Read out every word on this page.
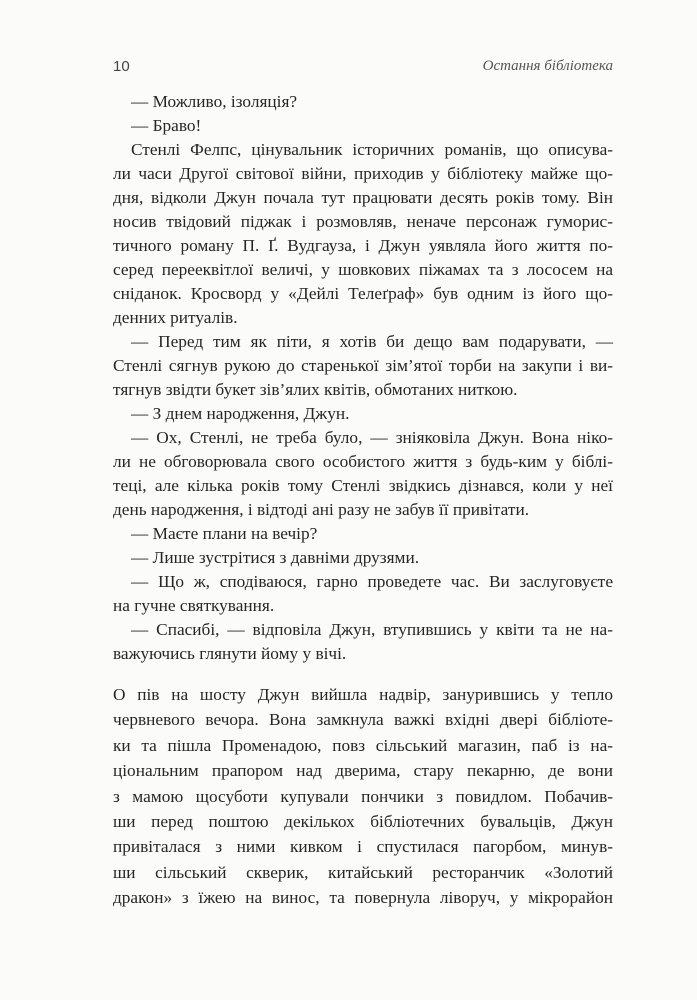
10	Остання бібліотека
— Можливо, ізоляція?
— Браво!
Стенлі Фелпс, цінувальник історичних романів, що описува-
ли часи Другої світової війни, приходив у бібліотеку майже що-
дня, відколи Джун почала тут працювати десять років тому. Він
носив твідовий піджак і розмовляв, неначе персонаж гуморис-
тичного роману П. Ґ. Вудгауза, і Джун уявляла його життя по-
серед перееквітлої величі, у шовкових піжамах та з лососем на
сніданок. Кросворд у «Дейлі Телеґраф» був одним із його що-
денних ритуалів.
— Перед тим як піти, я хотів би дещо вам подарувати, —
Стенлі сягнув рукою до старенької зім’ятої торби на закупи і ви-
тягнув звідти букет зів’ялих квітів, обмотаних ниткою.
— З днем народження, Джун.
— Ох, Стенлі, не треба було, — зніяковіла Джун. Вона ніко-
ли не обговорювала свого особистого життя з будь-ким у біблі-
теці, але кілька років тому Стенлі звідкись дізнався, коли у неї
день народження, і відтоді ані разу не забув її привітати.
— Маєте плани на вечір?
— Лише зустрітися з давніми друзями.
— Що ж, сподіваюся, гарно проведете час. Ви заслуговуєте
на гучне святкування.
— Спасибі, — відповіла Джун, втупившись у квіти та не на-
важуючись глянути йому у вічі.
О пів на шосту Джун вийшла надвір, занурившись у тепло
червневого вечора. Вона замкнула важкі вхідні двері бібліоте-
ки та пішла Променадою, повз сільський магазин, паб із на-
ціональним прапором над дверима, стару пекарню, де вони
з мамою щосуботи купували пончики з повидлом. Побачив-
ши перед поштою декількох бібліотечних бувальців, Джун
привіталася з ними кивком і спустилася пагорбом, минув-
ши сільський скверик, китайський ресторанчик «Золотий
дракон» з їжею на винос, та повернула ліворуч, у мікрорайон
